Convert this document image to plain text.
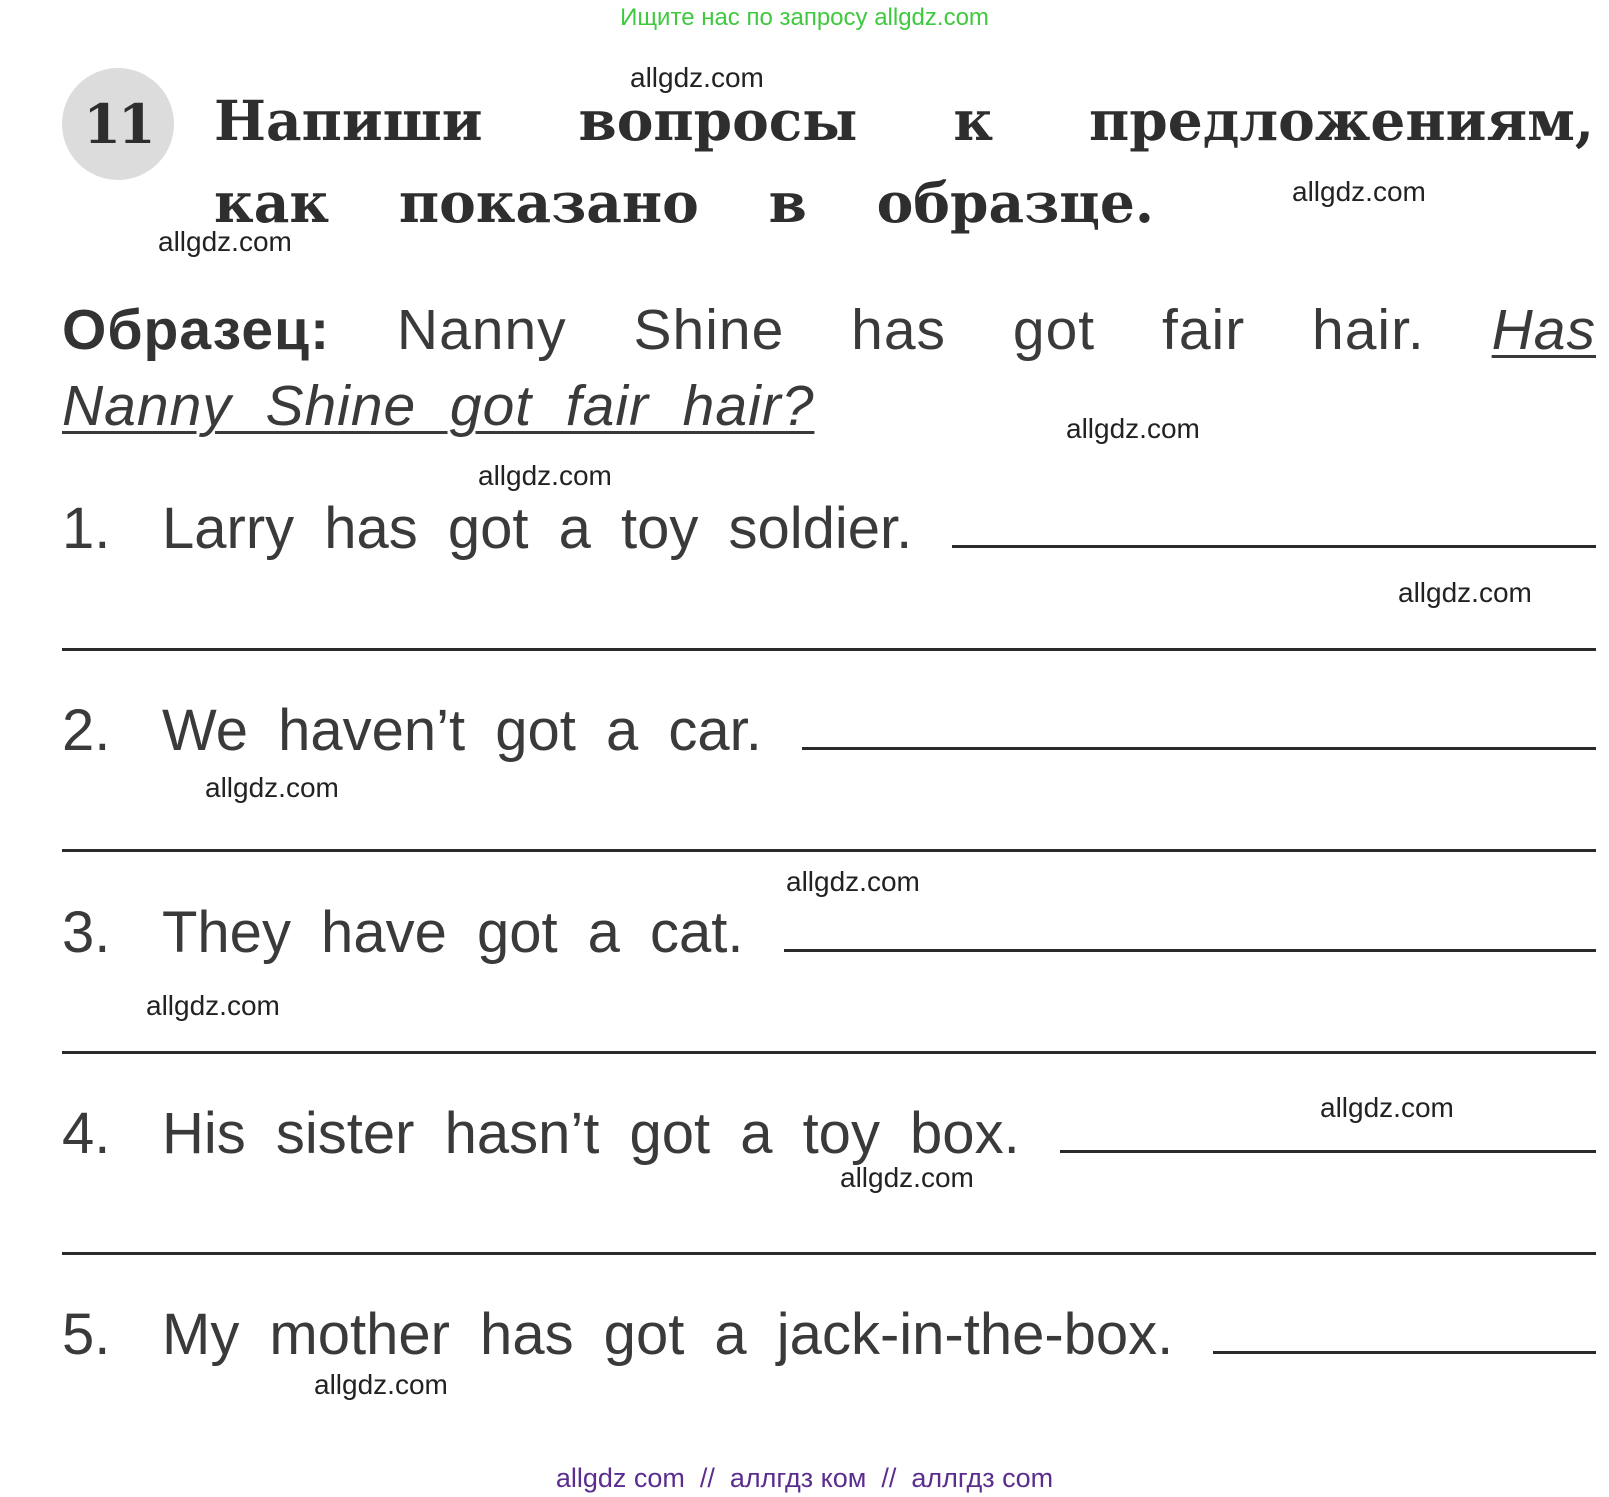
Ищите нас по запросу allgdz.com
11	Напиши вопросы к предложениям,
как показано в образце.
Образец: Nanny Shine has got fair hair. Has
Nanny  Shine  got  fair  hair?
1. Larry has got a toy soldier.
2. We haven’t got a car.
3. They have got a cat.
4. His sister hasn’t got a toy box.
5. My mother has got a jack-in-the-box.
allgdz.com
allgdz.com
allgdz.com
allgdz.com
allgdz.com
allgdz.com
allgdz.com
allgdz.com
allgdz.com
allgdz.com
allgdz.com
allgdz.com
allgdz com  //  аллгдз ком  //  аллгдз com
